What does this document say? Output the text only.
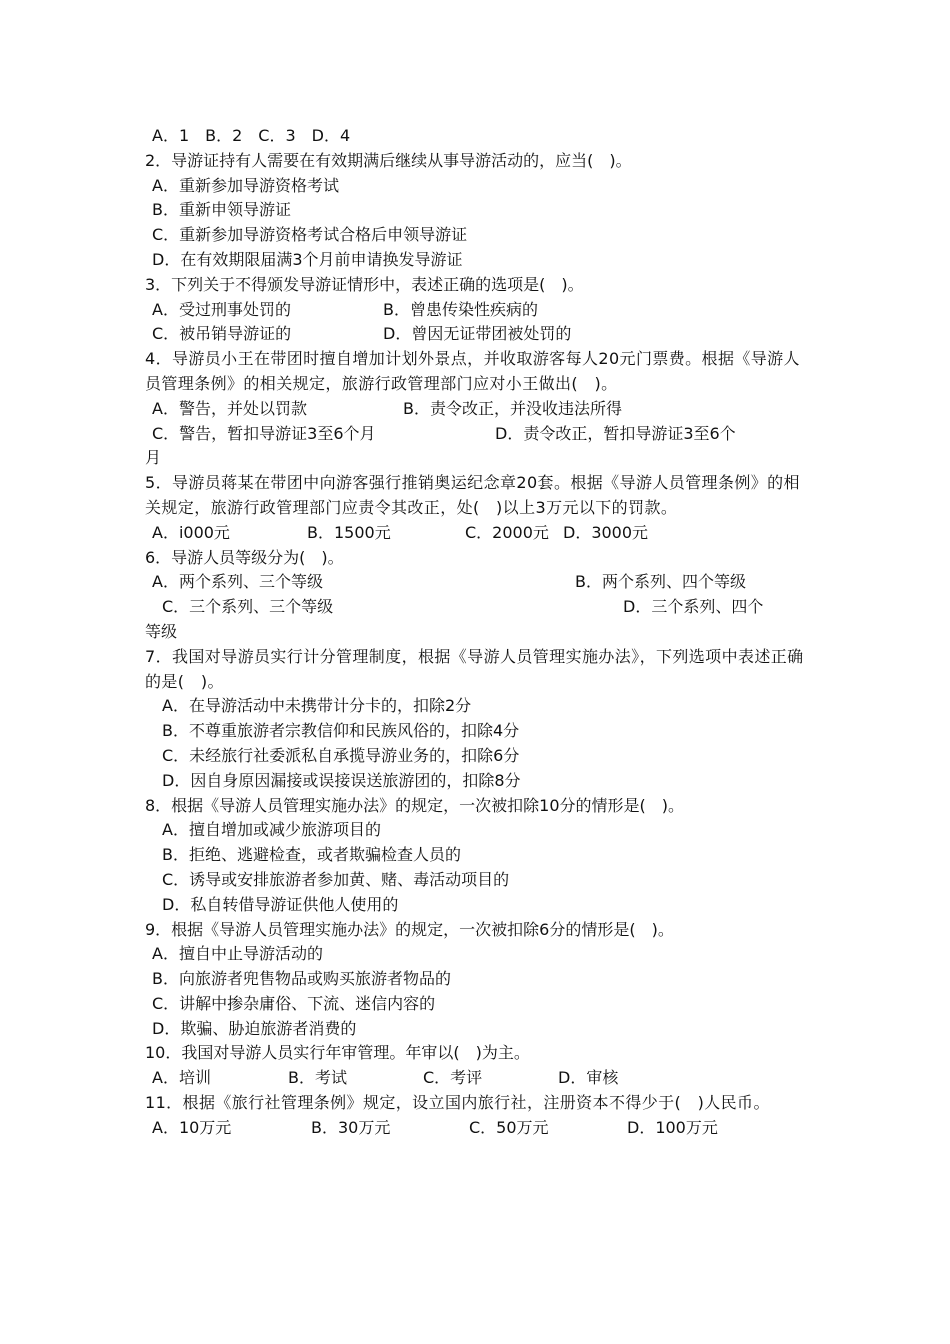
A．1　B．2　C．3　D．4
2．导游证持有人需要在有效期满后继续从事导游活动的，应当(　)。
A．重新参加导游资格考试
B．重新申领导游证
C．重新参加导游资格考试合格后申领导游证
D．在有效期限届满3个月前申请换发导游证
3．下列关于不得颁发导游证情形中，表述正确的选项是(　)。
A．受过刑事处罚的	B．曾患传染性疾病的
C．被吊销导游证的	D．曾因无证带团被处罚的
4．导游员小王在带团时擅自增加计划外景点，并收取游客每人20元门票费。根据《导游人员管理条例》的相关规定，旅游行政管理部门应对小王做出(　)。
A．警告，并处以罚款	B．责令改正，并没收违法所得
C．警告，暂扣导游证3至6个月	D．责令改正，暂扣导游证3至6个
月
5．导游员蒋某在带团中向游客强行推销奥运纪念章20套。根据《导游人员管理条例》的相关规定，旅游行政管理部门应责令其改正，处(　)以上3万元以下的罚款。
A．i000元	B．1500元	C．2000元 D．3000元
6．导游人员等级分为(　)。
A．两个系列、三个等级	B．两个系列、四个等级
C．三个系列、三个等级	D．三个系列、四个
等级
7．我国对导游员实行计分管理制度，根据《导游人员管理实施办法》，下列选项中表述正确的是(　)。
A．在导游活动中未携带计分卡的，扣除2分
B．不尊重旅游者宗教信仰和民族风俗的，扣除4分
C．未经旅行社委派私自承揽导游业务的，扣除6分
D．因自身原因漏接或误接误送旅游团的，扣除8分
8．根据《导游人员管理实施办法》的规定，一次被扣除10分的情形是(　)。
A．擅自增加或减少旅游项目的
B．拒绝、逃避检查，或者欺骗检查人员的
C．诱导或安排旅游者参加黄、赌、毒活动项目的
D．私自转借导游证供他人使用的
9．根据《导游人员管理实施办法》的规定，一次被扣除6分的情形是(　)。
A．擅自中止导游活动的
B．向旅游者兜售物品或购买旅游者物品的
C．讲解中掺杂庸俗、下流、迷信内容的
D．欺骗、胁迫旅游者消费的
10．我国对导游人员实行年审管理。年审以(　)为主。
A．培训	B．考试	C．考评	D．审核
11．根据《旅行社管理条例》规定，设立国内旅行社，注册资本不得少于(　)人民币。
A．10万元	B．30万元	C．50万元	D．100万元
